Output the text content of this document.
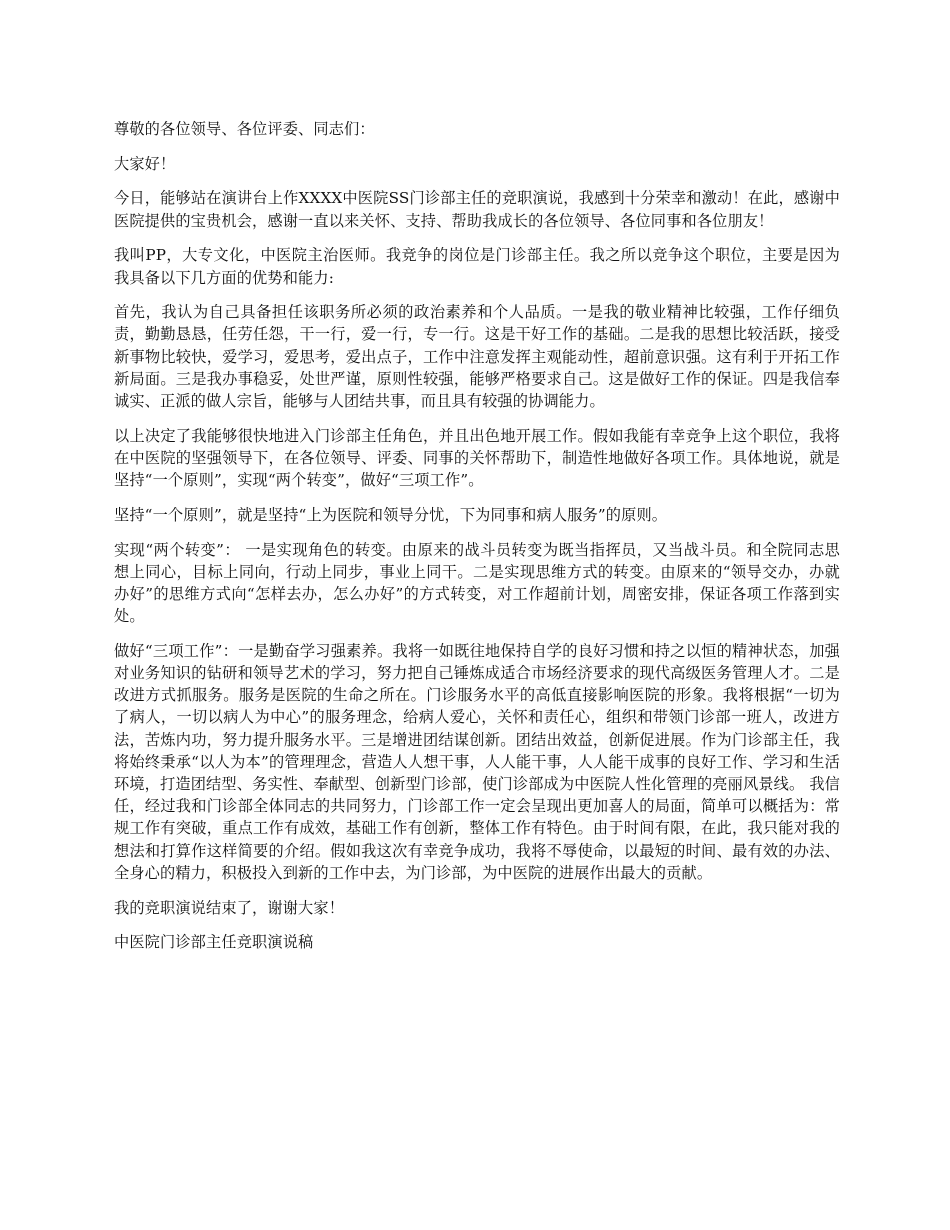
尊敬的各位领导、各位评委、同志们：

大家好！

今日，能够站在演讲台上作XXXX中医院SS门诊部主任的竞职演说，我感到十分荣幸和激动！在此，感谢中医院提供的宝贵机会，感谢一直以来关怀、支持、帮助我成长的各位领导、各位同事和各位朋友！

我叫PP，大专文化，中医院主治医师。我竞争的岗位是门诊部主任。我之所以竞争这个职位，主要是因为我具备以下几方面的优势和能力:

首先，我认为自己具备担任该职务所必须的政治素养和个人品质。一是我的敬业精神比较强，工作仔细负责，勤勤恳恳，任劳任怨，干一行，爱一行，专一行。这是干好工作的基础。二是我的思想比较活跃，接受新事物比较快，爱学习，爱思考，爱出点子，工作中注意发挥主观能动性，超前意识强。这有利于开拓工作新局面。三是我办事稳妥，处世严谨，原则性较强，能够严格要求自己。这是做好工作的保证。四是我信奉诚实、正派的做人宗旨，能够与人团结共事，而且具有较强的协调能力。

以上决定了我能够很快地进入门诊部主任角色，并且出色地开展工作。假如我能有幸竞争上这个职位，我将在中医院的坚强领导下，在各位领导、评委、同事的关怀帮助下，制造性地做好各项工作。具体地说，就是坚持“一个原则”，实现“两个转变”，做好“三项工作”。

坚持“一个原则”，就是坚持“上为医院和领导分忧，下为同事和病人服务”的原则。

实现“两个转变”： 一是实现角色的转变。由原来的战斗员转变为既当指挥员，又当战斗员。和全院同志思想上同心，目标上同向，行动上同步，事业上同干。二是实现思维方式的转变。由原来的“领导交办，办就办好”的思维方式向“怎样去办，怎么办好”的方式转变，对工作超前计划，周密安排，保证各项工作落到实处。

做好“三项工作”：一是勤奋学习强素养。我将一如既往地保持自学的良好习惯和持之以恒的精神状态，加强对业务知识的钻研和领导艺术的学习，努力把自己锤炼成适合市场经济要求的现代高级医务管理人才。二是改进方式抓服务。服务是医院的生命之所在。门诊服务水平的高低直接影响医院的形象。我将根据“一切为了病人，一切以病人为中心”的服务理念，给病人爱心，关怀和责任心，组织和带领门诊部一班人，改进方法，苦炼内功，努力提升服务水平。三是增进团结谋创新。团结出效益，创新促进展。作为门诊部主任，我将始终秉承“以人为本”的管理理念，营造人人想干事，人人能干事，人人能干成事的良好工作、学习和生活环境，打造团结型、务实性、奉献型、创新型门诊部，使门诊部成为中医院人性化管理的亮丽风景线。 我信任，经过我和门诊部全体同志的共同努力，门诊部工作一定会呈现出更加喜人的局面，简单可以概括为：常规工作有突破，重点工作有成效，基础工作有创新，整体工作有特色。由于时间有限，在此，我只能对我的想法和打算作这样简要的介绍。假如我这次有幸竞争成功，我将不辱使命，以最短的时间、最有效的办法、全身心的精力，积极投入到新的工作中去，为门诊部，为中医院的进展作出最大的贡献。

我的竞职演说结束了，谢谢大家！

中医院门诊部主任竞职演说稿
